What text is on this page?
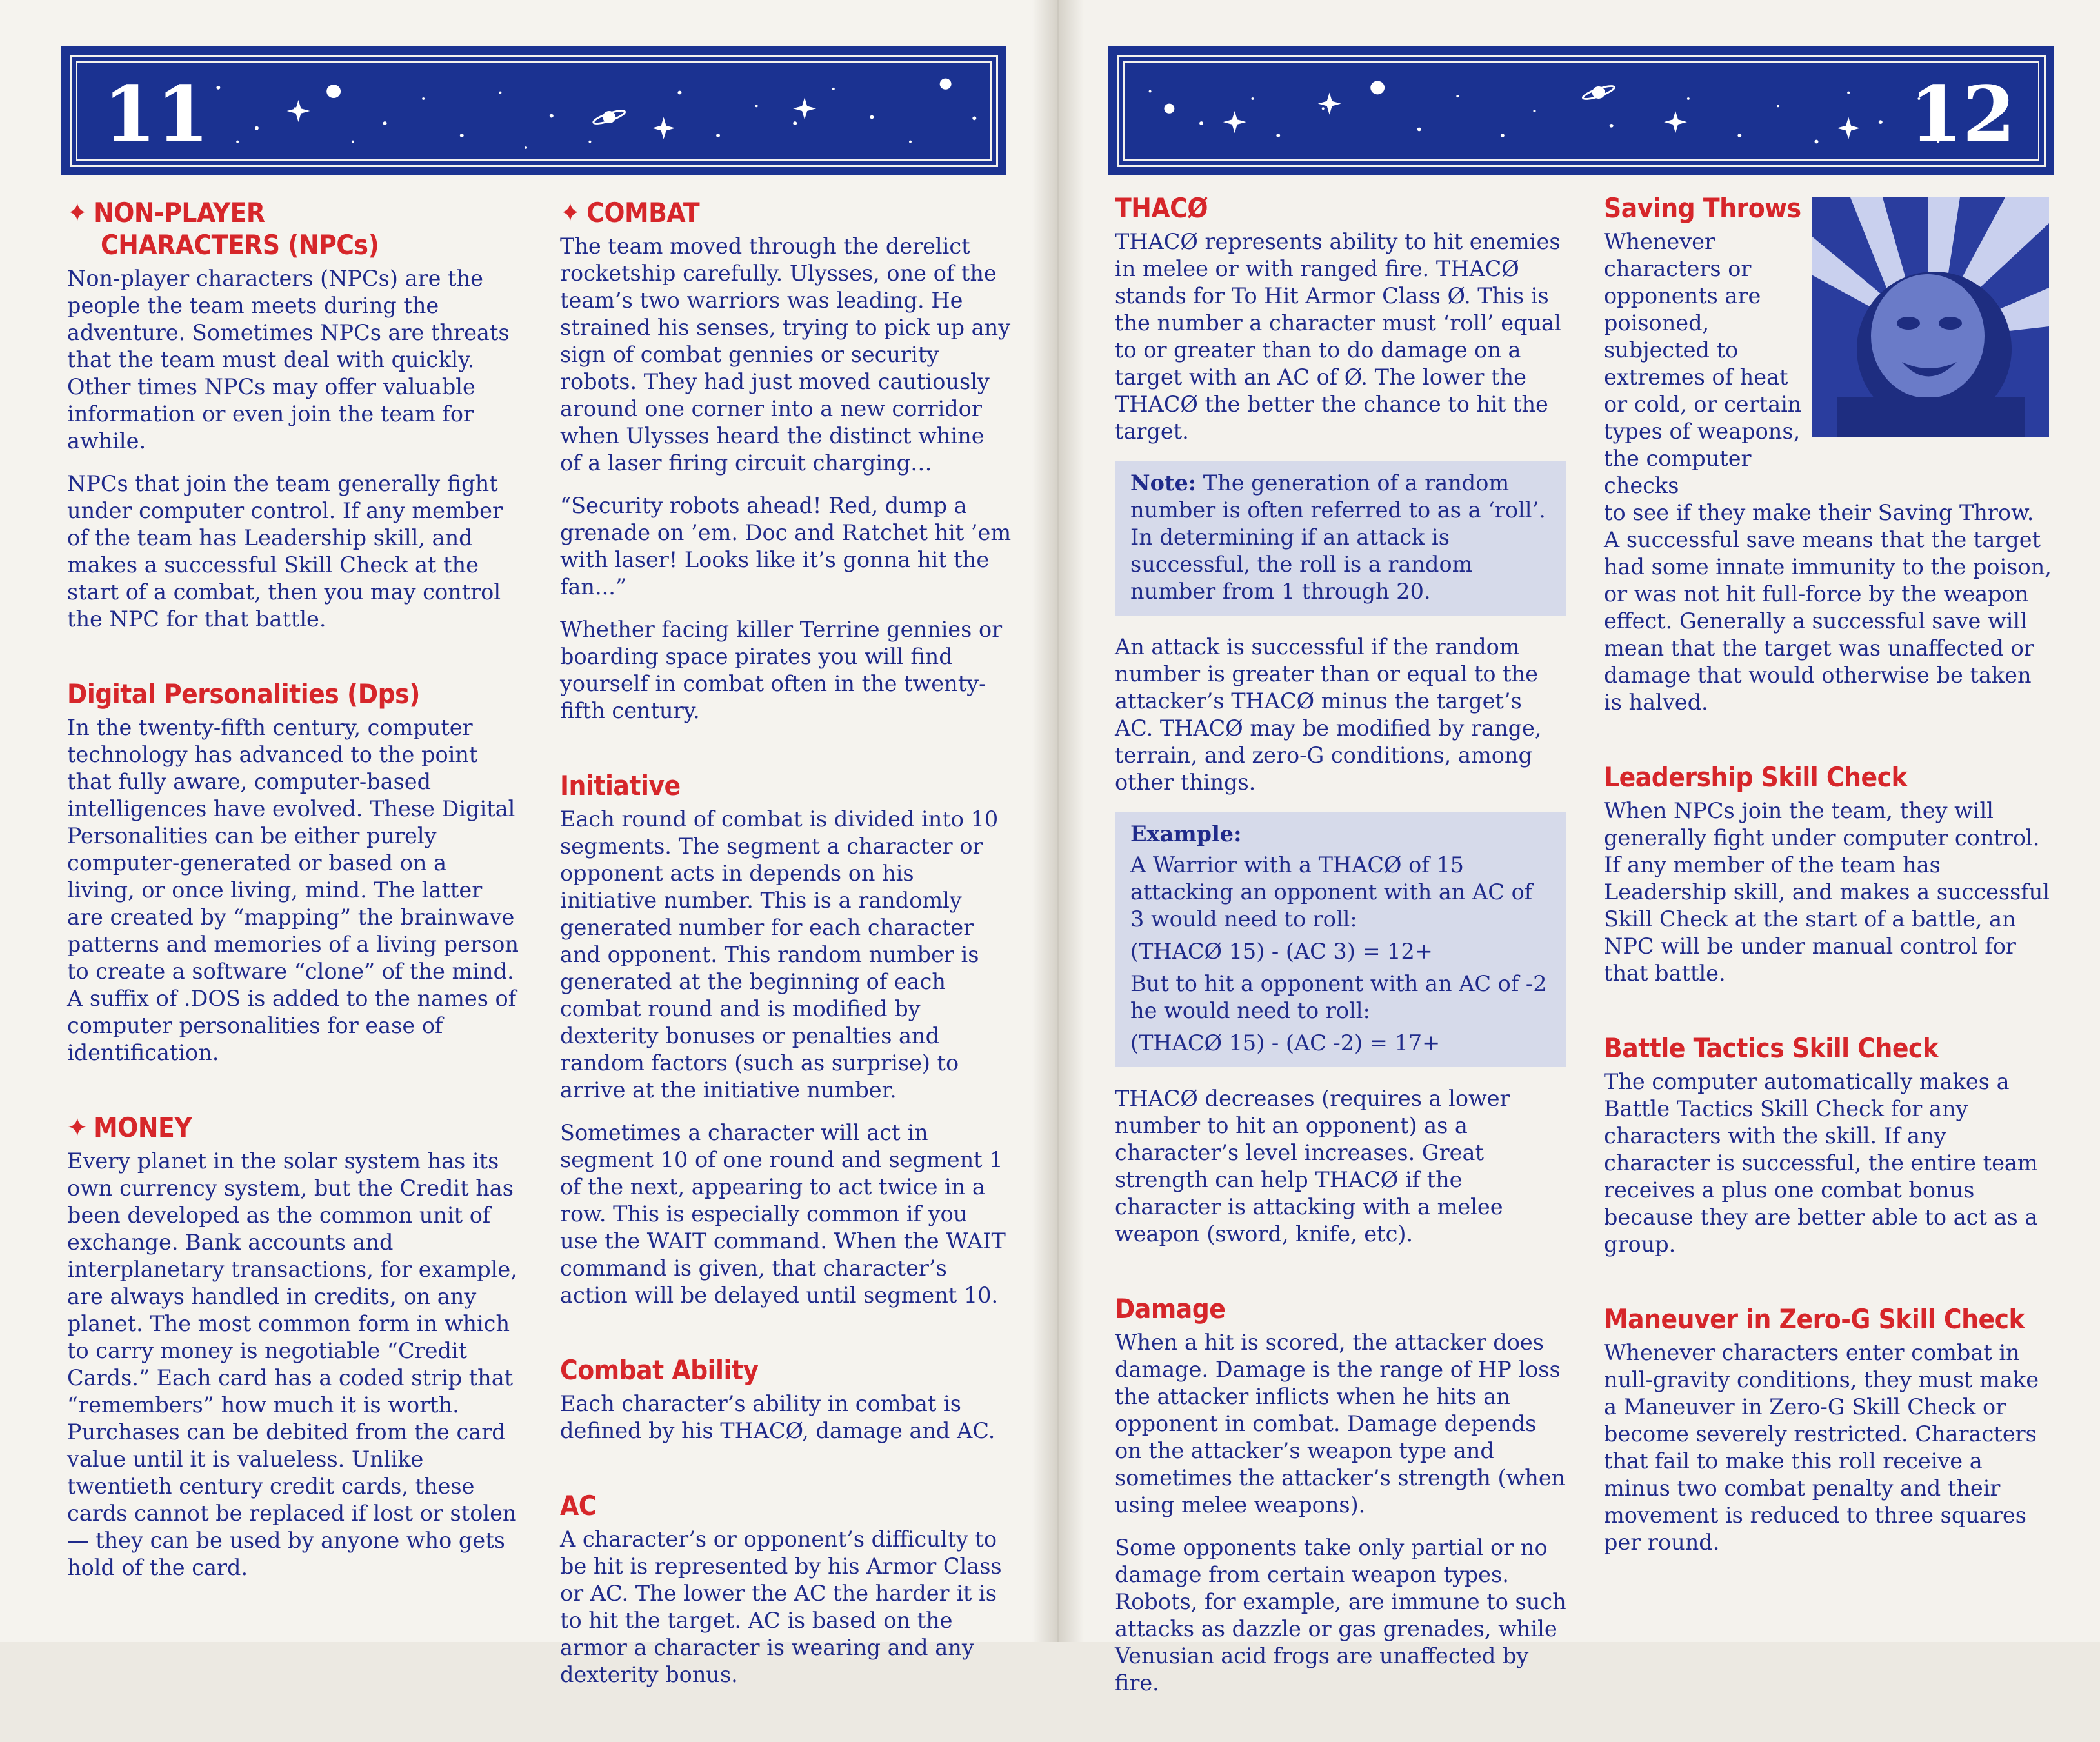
11	12
✦ NON-PLAYER
CHARACTERS (NPCs)

Non-player characters (NPCs) are the people the team meets during the adventure. Sometimes NPCs are threats that the team must deal with quickly. Other times NPCs may offer valuable information or even join the team for awhile.

NPCs that join the team generally fight under computer control. If any member of the team has Leadership skill, and makes a successful Skill Check at the start of a combat, then you may control the NPC for that battle.

Digital Personalities (Dps)

In the twenty-fifth century, computer technology has advanced to the point that fully aware, computer-based intelligences have evolved. These Digital Personalities can be either purely computer-generated or based on a living, or once living, mind. The latter are created by “mapping” the brainwave patterns and memories of a living person to create a software “clone” of the mind. A suffix of .DOS is added to the names of computer personalities for ease of identification.

✦ MONEY

Every planet in the solar system has its own currency system, but the Credit has been developed as the common unit of exchange. Bank accounts and interplanetary transactions, for example, are always handled in credits, on any planet. The most common form in which to carry money is negotiable “Credit Cards.” Each card has a coded strip that “remembers” how much it is worth. Purchases can be debited from the card value until it is valueless. Unlike twentieth century credit cards, these cards cannot be replaced if lost or stolen — they can be used by anyone who gets hold of the card.

✦ COMBAT

The team moved through the derelict rocketship carefully. Ulysses, one of the team’s two warriors was leading. He strained his senses, trying to pick up any sign of combat gennies or security robots. They had just moved cautiously around one corner into a new corridor when Ulysses heard the distinct whine of a laser firing circuit charging…

“Security robots ahead! Red, dump a grenade on ’em. Doc and Ratchet hit ’em with laser! Looks like it’s gonna hit the fan...”

Whether facing killer Terrine gennies or boarding space pirates you will find yourself in combat often in the twenty-fifth century.

Initiative

Each round of combat is divided into 10 segments. The segment a character or opponent acts in depends on his initiative number. This is a randomly generated number for each character and opponent. This random number is generated at the beginning of each combat round and is modified by dexterity bonuses or penalties and random factors (such as surprise) to arrive at the initiative number.

Sometimes a character will act in segment 10 of one round and segment 1 of the next, appearing to act twice in a row. This is especially common if you use the WAIT command. When the WAIT command is given, that character’s action will be delayed until segment 10.

Combat Ability

Each character’s ability in combat is defined by his THACØ, damage and AC.

AC

A character’s or opponent’s difficulty to be hit is represented by his Armor Class or AC. The lower the AC the harder it is to hit the target. AC is based on the armor a character is wearing and any dexterity bonus.

THACØ

THACØ represents ability to hit enemies in melee or with ranged fire. THACØ stands for To Hit Armor Class Ø. This is the number a character must ‘roll’ equal to or greater than to do damage on a target with an AC of Ø. The lower the THACØ the better the chance to hit the target.

Note: The generation of a random number is often referred to as a ‘roll’. In determining if an attack is successful, the roll is a random number from 1 through 20.

An attack is successful if the random number is greater than or equal to the attacker’s THACØ minus the target’s AC. THACØ may be modified by range, terrain, and zero-G conditions, among other things.

Example:

A Warrior with a THACØ of 15 attacking an opponent with an AC of 3 would need to roll:

(THACØ 15) - (AC 3) = 12+

But to hit a opponent with an AC of -2 he would need to roll:

(THACØ 15) - (AC -2) = 17+

THACØ decreases (requires a lower number to hit an opponent) as a character’s level increases. Great strength can help THACØ if the character is attacking with a melee weapon (sword, knife, etc).

Damage

When a hit is scored, the attacker does damage. Damage is the range of HP loss the attacker inflicts when he hits an opponent in combat. Damage depends on the attacker’s weapon type and sometimes the attacker’s strength (when using melee weapons).

Some opponents take only partial or no damage from certain weapon types. Robots, for example, are immune to such attacks as dazzle or gas grenades, while Venusian acid frogs are unaffected by fire.

Saving Throws

Whenever characters or opponents are poisoned, subjected to extremes of heat or cold, or certain types of weapons, the computer checks

to see if they make their Saving Throw. A successful save means that the target had some innate immunity to the poison, or was not hit full-force by the weapon effect. Generally a successful save will mean that the target was unaffected or damage that would otherwise be taken is halved.

Leadership Skill Check

When NPCs join the team, they will generally fight under computer control. If any member of the team has Leadership skill, and makes a successful Skill Check at the start of a battle, an NPC will be under manual control for that battle.

Battle Tactics Skill Check

The computer automatically makes a Battle Tactics Skill Check for any characters with the skill. If any character is successful, the entire team receives a plus one combat bonus because they are better able to act as a group.

Maneuver in Zero-G Skill Check

Whenever characters enter combat in null-gravity conditions, they must make a Maneuver in Zero-G Skill Check or become severely restricted. Characters that fail to make this roll receive a minus two combat penalty and their movement is reduced to three squares per round.
